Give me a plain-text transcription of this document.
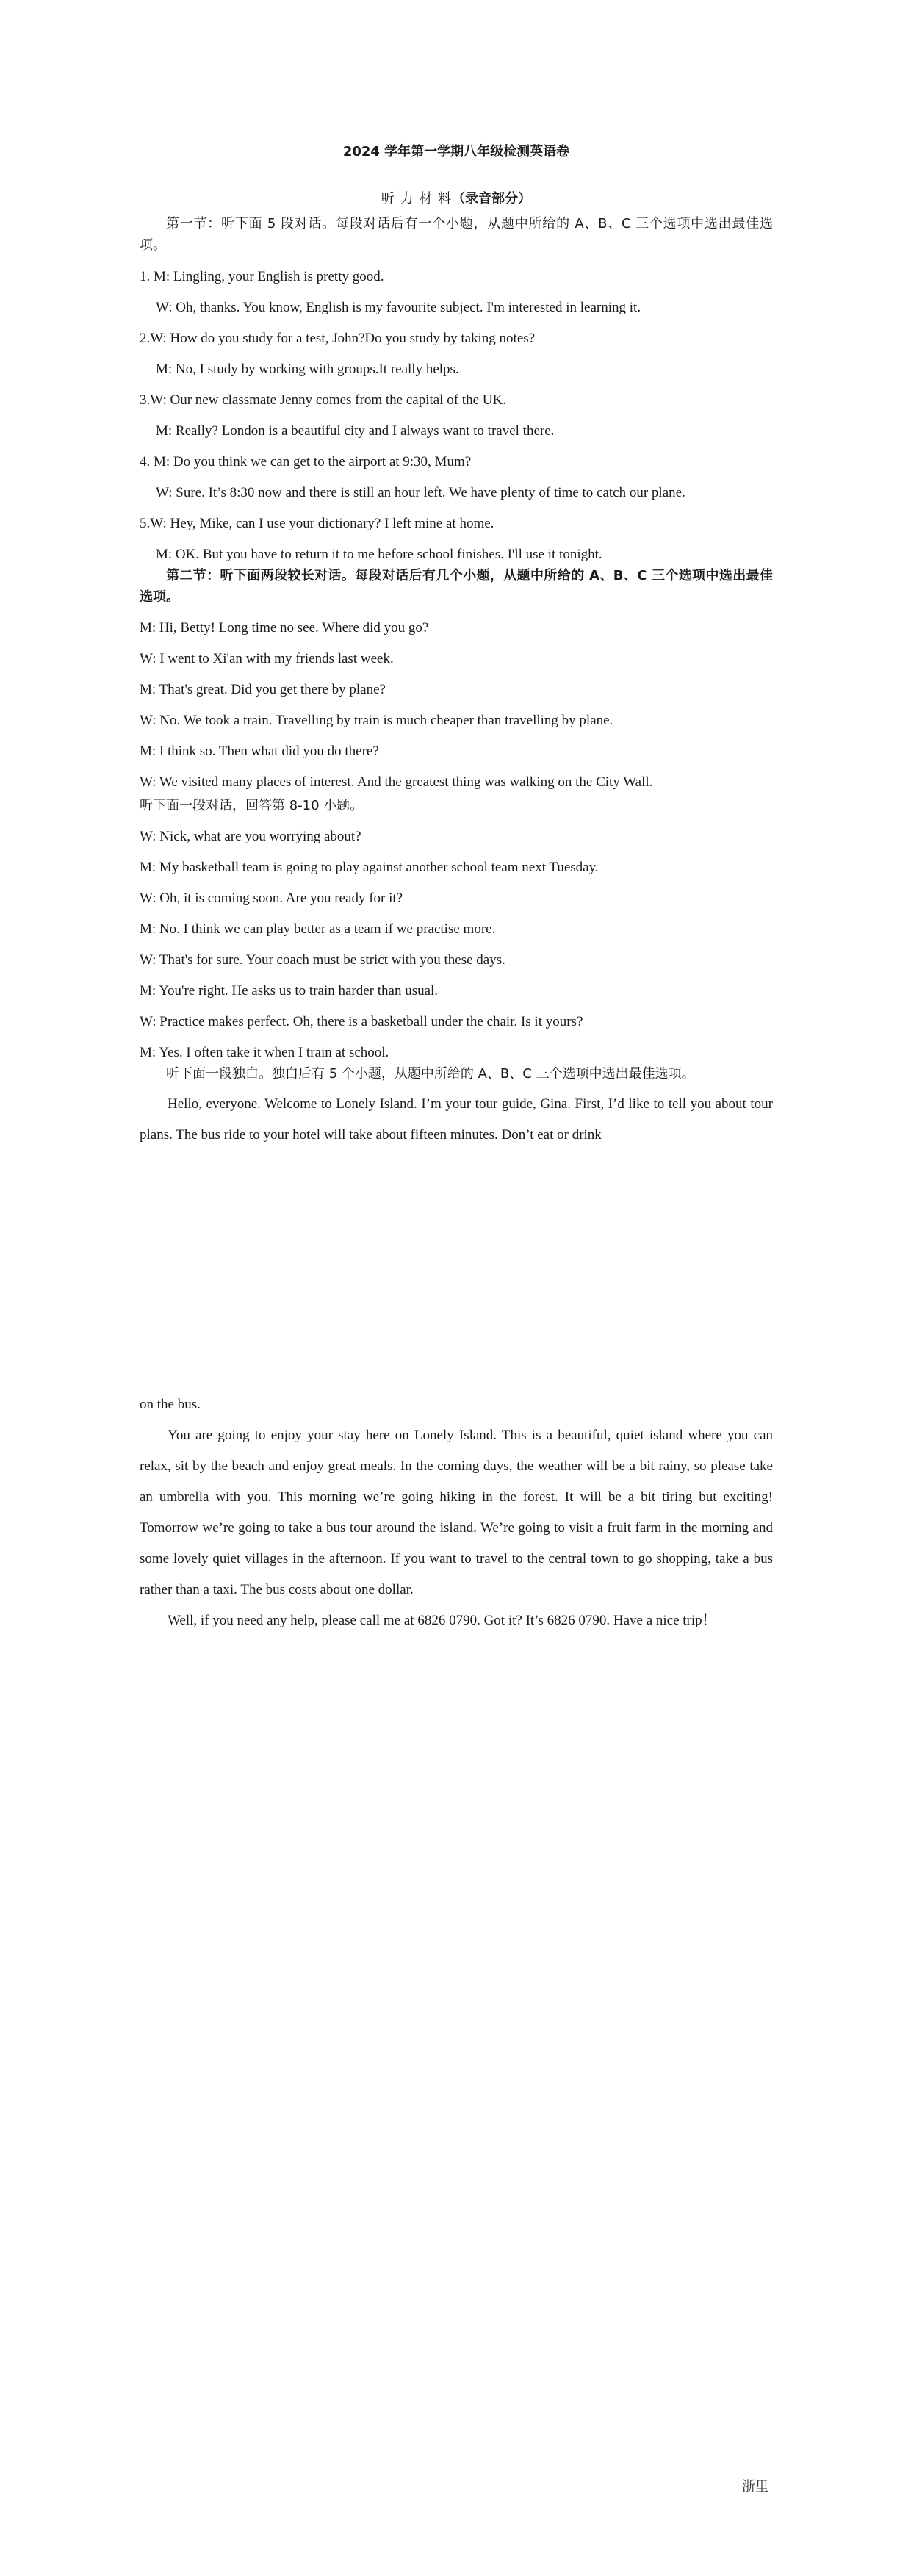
2024 学年第一学期八年级检测英语卷
听 力 材 料（录音部分）

第一节：听下面 5 段对话。每段对话后有一个小题，从题中所给的 A、B、C 三个选项中选出最佳选项。

1. M: Lingling, your English is pretty good.

W: Oh, thanks. You know, English is my favourite subject. I'm interested in learning it.

2.W: How do you study for a test, John?Do you study by taking notes?

M: No, I study by working with groups.It really helps.

3.W: Our new classmate Jenny comes from the capital of the UK.

M: Really? London is a beautiful city and I always want to travel there.

4. M: Do you think we can get to the airport at 9:30, Mum?

W: Sure. It’s 8:30 now and there is still an hour left. We have plenty of time to catch our plane.

5.W: Hey, Mike, can I use your dictionary? I left mine at home.

M: OK. But you have to return it to me before school finishes. I'll use it tonight.

第二节：听下面两段较长对话。每段对话后有几个小题，从题中所给的 A、B、C 三个选项中选出最佳选项。

M: Hi, Betty! Long time no see. Where did you go?

W: I went to Xi'an with my friends last week.

M: That's great. Did you get there by plane?

W: No. We took a train. Travelling by train is much cheaper than travelling by plane.

M: I think so. Then what did you do there?

W: We visited many places of interest. And the greatest thing was walking on the City Wall.

听下面一段对话，回答第 8-10 小题。

W: Nick, what are you worrying about?

M: My basketball team is going to play against another school team next Tuesday.

W: Oh, it is coming soon. Are you ready for it?

M: No. I think we can play better as a team if we practise more.

W: That's for sure. Your coach must be strict with you these days.

M: You're right. He asks us to train harder than usual.

W: Practice makes perfect. Oh, there is a basketball under the chair. Is it yours?

M: Yes. I often take it when I train at school.

听下面一段独白。独白后有 5 个小题，从题中所给的 A、B、C 三个选项中选出最佳选项。

Hello, everyone. Welcome to Lonely Island. I’m your tour guide, Gina. First, I’d like to tell you about tour plans. The bus ride to your hotel will take about fifteen minutes. Don’t eat or drink

on the bus.

You are going to enjoy your stay here on Lonely Island. This is a beautiful, quiet island where you can relax, sit by the beach and enjoy great meals. In the coming days, the weather will be a bit rainy, so please take an umbrella with you. This morning we’re going hiking in the forest. It will be a bit tiring but exciting! Tomorrow we’re going to take a bus tour around the island. We’re going to visit a fruit farm in the morning and some lovely quiet villages in the afternoon. If you want to travel to the central town to go shopping, take a bus rather than a taxi. The bus costs about one dollar.

Well, if you need any help, please call me at 6826 0790. Got it? It’s 6826 0790. Have a nice trip！

浙里
